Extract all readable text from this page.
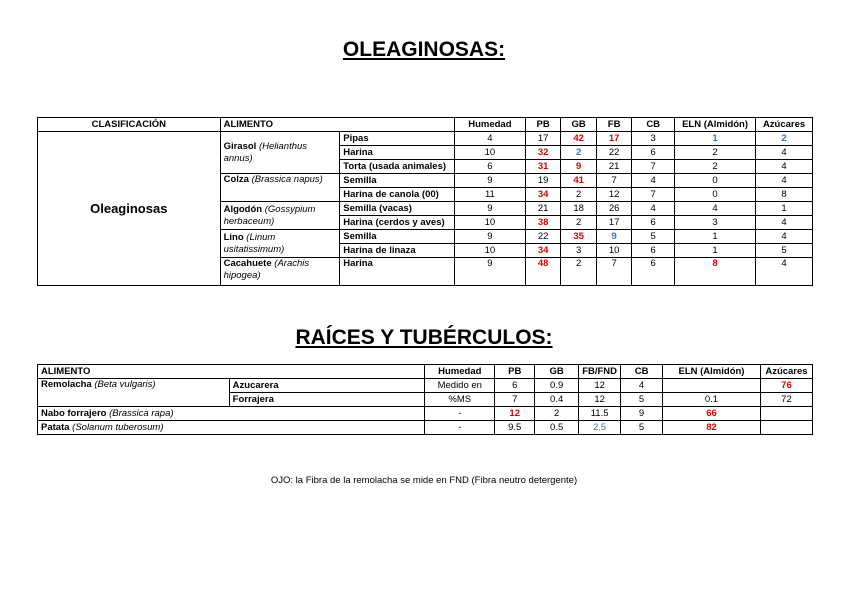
OLEAGINOSAS:
CLASIFICACIÓN	ALIMENTO		Humedad	PB	GB	FB	CB	ELN (Almidón)	Azúcares
Oleaginosas	Girasol (Helianthus annus)	Pipas	4	17	42	17	3	1	2
		Harina	10	32	2	22	6	2	4
		Torta (usada animales)	6	31	9	21	7	2	4
	Colza (Brassica napus)	Semilla	9	19	41	7	4	0	4
		Harina de canola (00)	11	34	2	12	7	0	8
	Algodón (Gossypium herbaceum)	Semilla (vacas)	9	21	18	26	4	4	1
		Harina (cerdos y aves)	10	38	2	17	6	3	4
	Lino (Linum usitatissimum)	Semilla	9	22	35	9	5	1	4
		Harina de linaza	10	34	3	10	6	1	5
	Cacahuete (Arachis hipogea)	Harina	9	48	2	7	6	8	4
RAÍCES Y TUBÉRCULOS:
ALIMENTO		Humedad	PB	GB	FB/FND	CB	ELN (Almidón)	Azúcares
Remolacha (Beta vulgaris)	Azucarera	Medido en	6	0.9	12	4		76
	Forrajera	%MS	7	0.4	12	5	0.1	72
Nabo forrajero (Brassica rapa)		-	12	2	11.5	9	66	
Patata (Solanum tuberosum)		-	9.5	0.5	2.5	5	82	
OJO: la Fibra de la remolacha se mide en FND (Fibra neutro detergente)
